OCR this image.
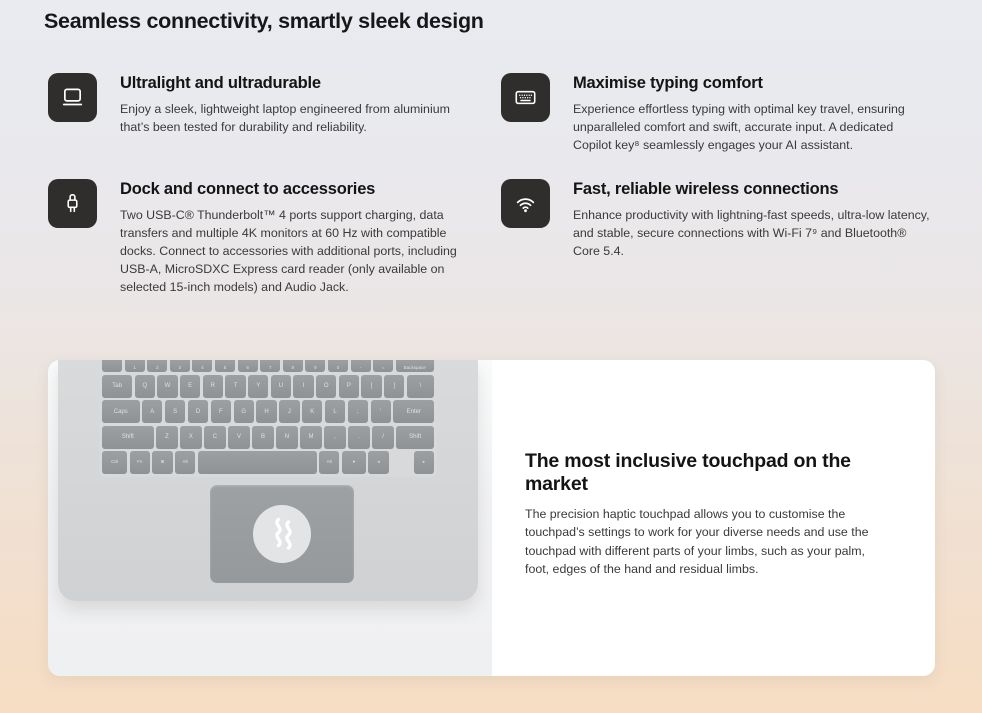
Seamless connectivity, smartly sleek design
Ultralight and ultradurable

Enjoy a sleek, lightweight laptop engineered from aluminium that’s been tested for durability and reliability.

Maximise typing comfort

Experience effortless typing with optimal key travel, ensuring unparalleled comfort and swift, accurate input. A dedicated Copilot key⁸ seamlessly engages your AI assistant.

Dock and connect to accessories

Two USB-C® Thunderbolt™ 4 ports support charging, data transfers and multiple 4K monitors at 60 Hz with compatible docks. Connect to accessories with additional ports, including USB-A, MicroSDXC Express card reader (only available on selected 15-inch models) and Audio Jack.

Fast, reliable wireless connections

Enhance productivity with lightning-fast speeds, ultra-low latency, and stable, secure connections with Wi-Fi 7⁹ and Bluetooth® Core 5.4.

1	2	3	4	5	6	7	8	9	0	-	=	Backspace
Tab	Q	W	E	R	T	Y	U	I	O	P	[	]	\
Caps	A	S	D	F	G	H	J	K	L	;	'	Enter
Shift	Z	X	C	V	B	N	M	,	.	/	Shift
Ctrl	Fn	⊞	Alt	Alt	●	◂	▸	The most inclusive touchpad on the market

The precision haptic touchpad allows you to customise the touchpad’s settings to work for your diverse needs and use the touchpad with different parts of your limbs, such as your palm, foot, edges of the hand and residual limbs.
